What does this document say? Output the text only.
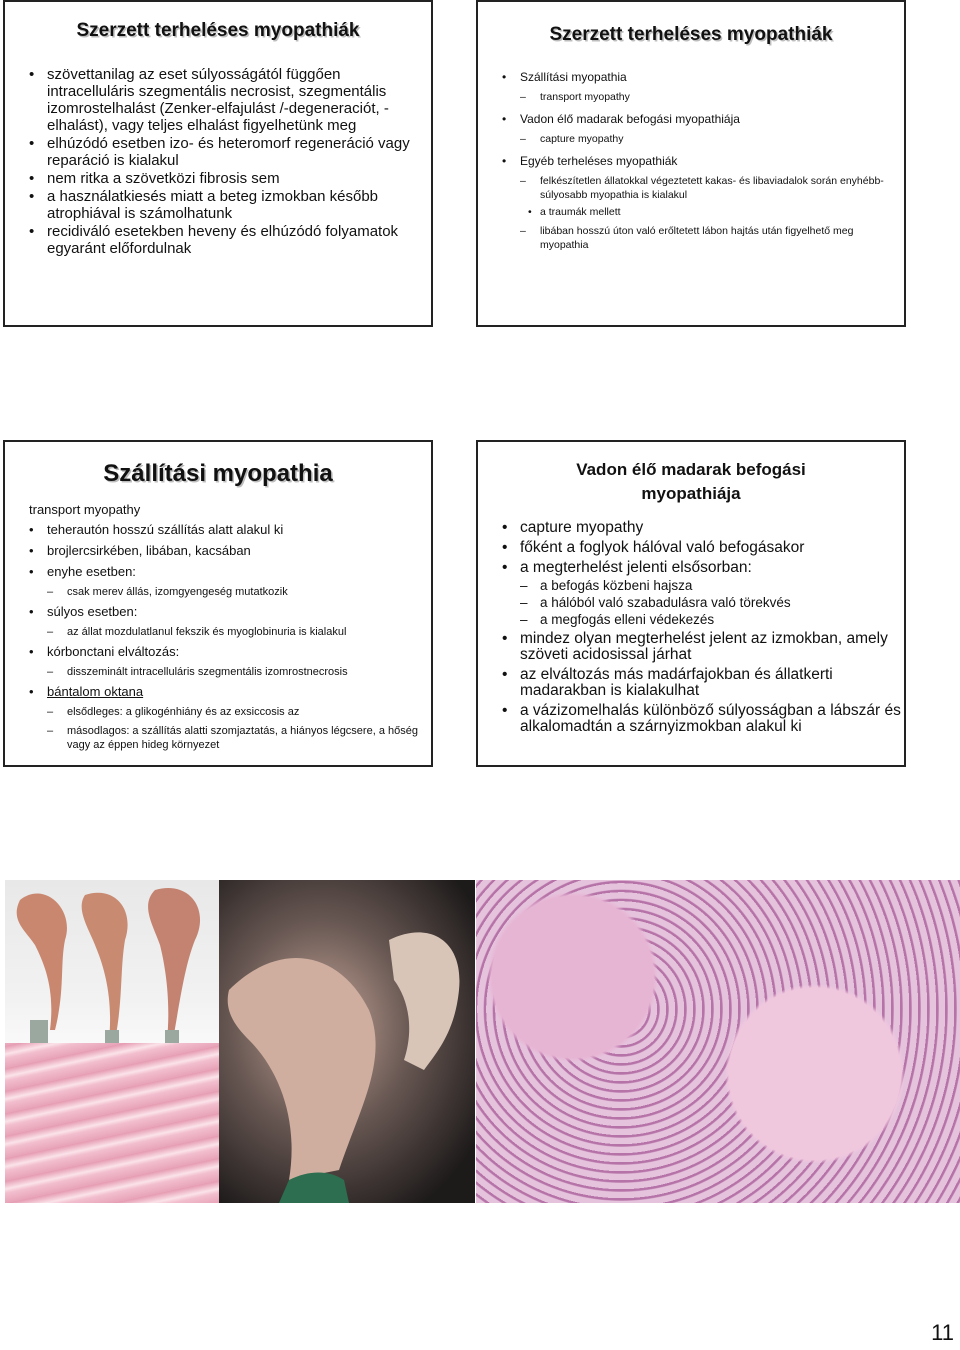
Szerzett terheléses myopathiák
• szövettanilag az eset súlyosságától függően intracelluláris szegmentális necrosist, szegmentális izomrostelhalást (Zenker-elfajulást /-degeneraciót, -elhalást), vagy teljes elhalást figyelhetünk meg
• elhúzódó esetben izo- és heteromorf regeneráció vagy reparáció is kialakul
• nem ritka a szövetközi fibrosis sem
• a használatkiesés miatt a beteg izmokban később atrophiával is számolhatunk
• recidiváló esetekben heveny és elhúzódó folyamatok egyaránt előfordulnak
Szerzett terheléses myopathiák
• Szállítási myopathia
– transport myopathy
• Vadon élő madarak befogási myopathiája
– capture myopathy
• Egyéb terheléses myopathiák
– felkészítetlen állatokkal végeztetett kakas- és libaviadalok során enyhébb-súlyosabb myopathia is kialakul
• a traumák mellett
– libában hosszú úton való erőltetett lábon hajtás után figyelhető meg myopathia
Szállítási myopathia
transport myopathy
• teherautón hosszú szállítás alatt alakul ki
• brojlercsirkében, libában, kacsában
• enyhe esetben:
– csak merev állás, izomgyengeség mutatkozik
• súlyos esetben:
– az állat mozdulatlanul fekszik és myoglobinuria is kialakul
• kórbonctani elváltozás:
– disszeminált intracelluláris szegmentális izomrostnecrosis
• bántalom oktana
– elsődleges: a glikogénhiány és az exsiccosis az
– másodlagos: a szállítás alatti szomjaztatás, a hiányos légcsere, a hőség vagy az éppen hideg környezet
Vadon élő madarak befogási
myopathiája
• capture myopathy
• főként a foglyok hálóval való befogásakor
• a megterhelést jelenti elsősorban:
– a befogás közbeni hajsza
– a hálóból való szabadulásra való törekvés
– a megfogás elleni védekezés
• mindez olyan megterhelést jelent az izmokban, amely szöveti acidosissal járhat
• az elváltozás más madárfajokban és állatkerti madarakban is kialakulhat
• a vázizomelhalás különböző súlyosságban a lábszár és alkalomadtán a szárnyizmokban alakul ki
11
